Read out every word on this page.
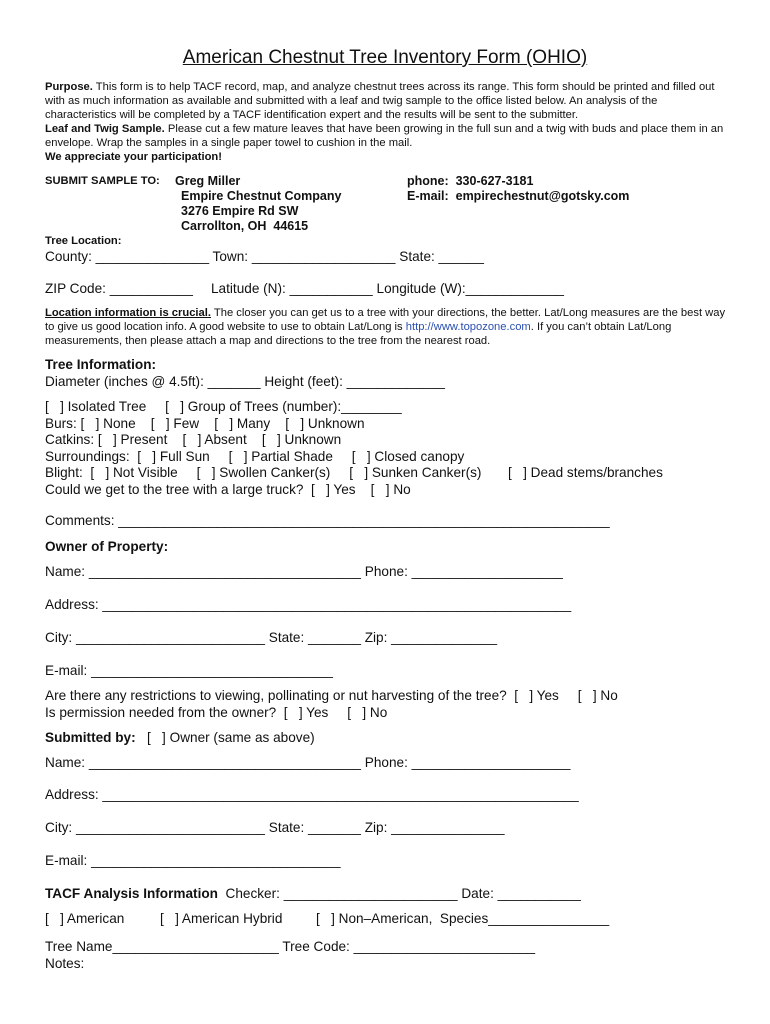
American Chestnut Tree Inventory Form (OHIO)
Purpose. This form is to help TACF record, map, and analyze chestnut trees across its range. This form should be printed and filled out with as much information as available and submitted with a leaf and twig sample to the office listed below. An analysis of the characteristics will be completed by a TACF identification expert and the results will be sent to the submitter.
Leaf and Twig Sample. Please cut a few mature leaves that have been growing in the full sun and a twig with buds and place them in an envelope. Wrap the samples in a single paper towel to cushion in the mail.
We appreciate your participation!
SUBMIT SAMPLE TO: Greg Miller
Empire Chestnut Company
3276 Empire Rd SW
Carrollton, OH  44615
phone:  330-627-3181
E-mail:  empirechestnut@gotsky.com
Tree Location:
County: _______________ Town: ___________________ State: ______
ZIP Code: ___________ Latitude (N): ___________ Longitude (W):_____________
Location information is crucial. The closer you can get us to a tree with your directions, the better. Lat/Long measures are the best way to give us good location info. A good website to use to obtain Lat/Long is http://www.topozone.com. If you can’t obtain Lat/Long measurements, then please attach a map and directions to the tree from the nearest road.
Tree Information:
Diameter (inches @ 4.5ft): _______ Height (feet): _____________
[   ] Isolated Tree     [   ] Group of Trees (number):________
Burs: [   ] None    [   ] Few    [   ] Many    [   ] Unknown
Catkins: [   ] Present    [   ] Absent    [   ] Unknown
Surroundings:  [   ] Full Sun     [   ] Partial Shade     [   ] Closed canopy
Blight:  [   ] Not Visible     [   ] Swollen Canker(s)     [   ] Sunken Canker(s) [   ] Dead stems/branches
Could we get to the tree with a large truck?  [   ] Yes    [   ] No
Comments: _________________________________________________________________
Owner of Property:
Name: ____________________________________ Phone: ____________________
Address: ______________________________________________________________
City: _________________________ State: _______ Zip: ______________
E-mail: ________________________________
Are there any restrictions to viewing, pollinating or nut harvesting of the tree?  [   ] Yes     [   ] No
Is permission needed from the owner?  [   ] Yes     [   ] No
Submitted by:   [   ] Owner (same as above)
Name: ____________________________________ Phone: _____________________
Address: _______________________________________________________________
City: _________________________ State: _______ Zip: _______________
E-mail: _________________________________
TACF Analysis Information  Checker: _______________________ Date: ___________
[   ] American	[   ] American Hybrid [   ] Non–American,  Species________________
Tree Name______________________ Tree Code: ________________________
Notes:
